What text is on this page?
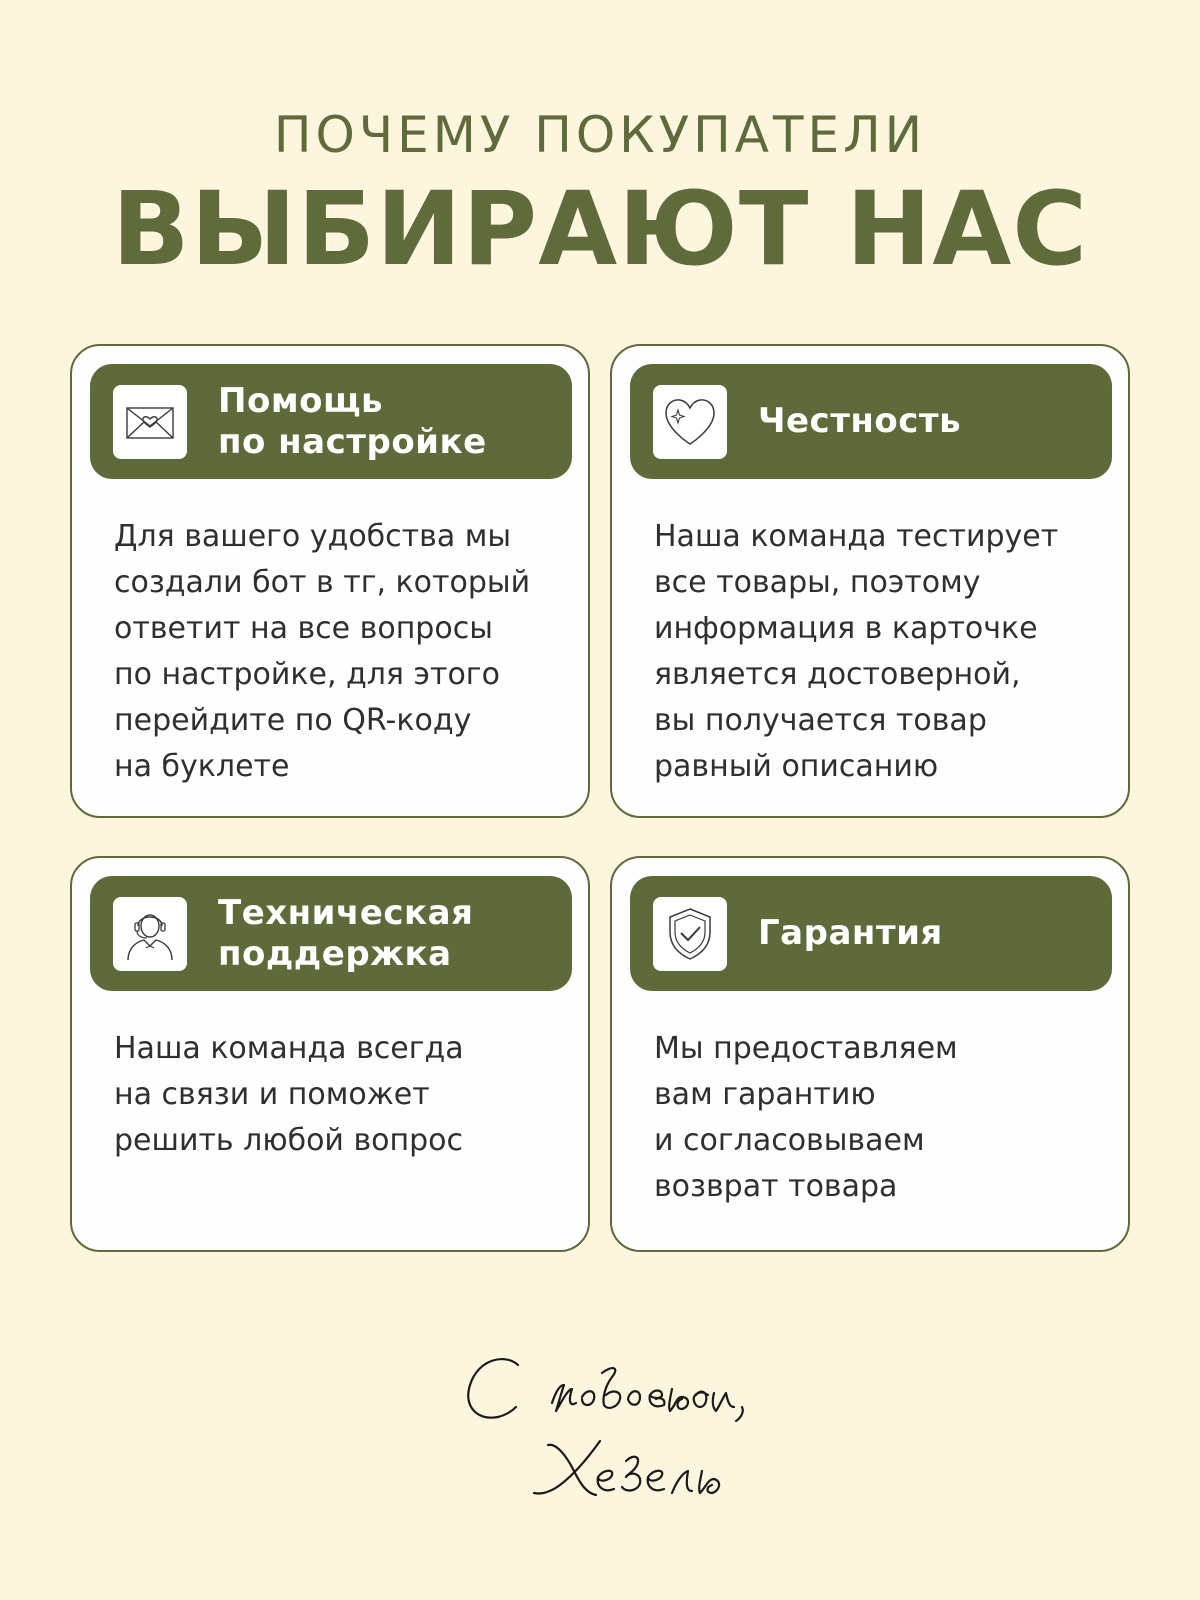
ПОЧЕМУ ПОКУПАТЕЛИ
ВЫБИРАЮТ НАС
Помощь
по настройке
Для вашего удобства мы
создали бот в тг, который
ответит на все вопросы
по настройке, для этого
перейдите по QR-коду
на буклете
Честность
Наша команда тестирует
все товары, поэтому
информация в карточке
является достоверной,
вы получается товар
равный описанию
Техническая
поддержка
Наша команда всегда
на связи и поможет
решить любой вопрос
Гарантия
Мы предоставляем
вам гарантию
и согласовываем
возврат товара
